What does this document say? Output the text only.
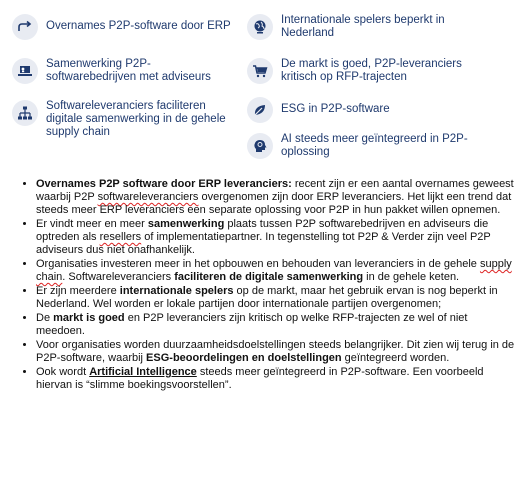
Overnames P2P-software door ERP
Samenwerking P2P-softwarebedrijven met adviseurs
Softwareleveranciers faciliteren digitale samenwerking in de gehele supply chain
Internationale spelers beperkt in Nederland
De markt is goed, P2P-leveranciers kritisch op RFP-trajecten
ESG in P2P-software
AI steeds meer geïntegreerd in P2P-oplossing
• Overnames P2P software door ERP leveranciers: recent zijn er een aantal overnames geweest waarbij P2P softwareleveranciers overgenomen zijn door ERP leveranciers. Het lijkt een trend dat steeds meer ERP leveranciers een separate oplossing voor P2P in hun pakket willen opnemen.
• Er vindt meer en meer samenwerking plaats tussen P2P softwarebedrijven en adviseurs die optreden als resellers of implementatiepartner. In tegenstelling tot P2P & Verder zijn veel P2P adviseurs dus niet onafhankelijk.
• Organisaties investeren meer in het opbouwen en behouden van leveranciers in de gehele supply chain. Softwareleveranciers faciliteren de digitale samenwerking in de gehele keten.
• Er zijn meerdere internationale spelers op de markt, maar het gebruik ervan is nog beperkt in Nederland. Wel worden er lokale partijen door internationale partijen overgenomen;
• De markt is goed en P2P leveranciers zijn kritisch op welke RFP-trajecten ze wel of niet meedoen.
• Voor organisaties worden duurzaamheidsdoelstellingen steeds belangrijker. Dit zien wij terug in de P2P-software, waarbij ESG-beoordelingen en doelstellingen geïntegreerd worden.
• Ook wordt Artificial Intelligence steeds meer geïntegreerd in P2P-software. Een voorbeeld hiervan is “slimme boekingsvoorstellen”.
